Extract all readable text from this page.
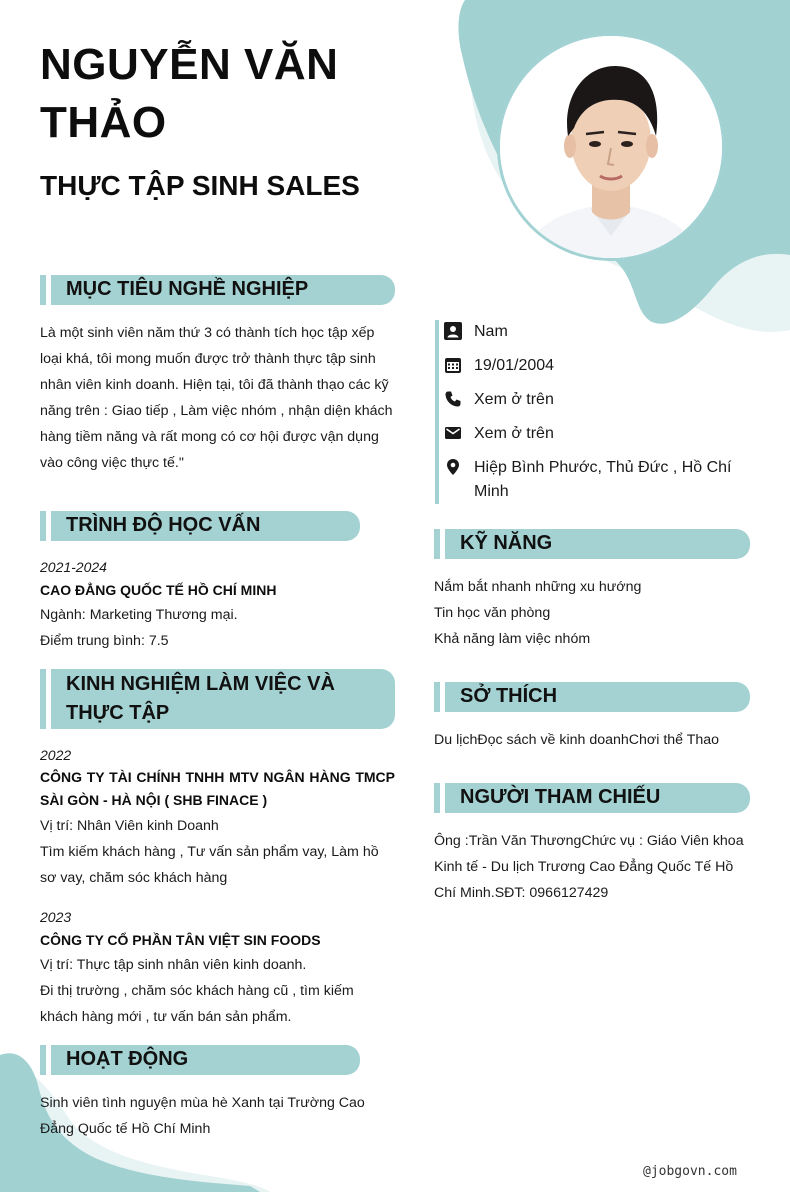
NGUYỄN VĂN THẢO
THỰC TẬP SINH SALES
MỤC TIÊU NGHỀ NGHIỆP
Là một sinh viên năm thứ 3 có thành tích học tập xếp loại khá, tôi mong muốn được trở thành thực tập sinh nhân viên kinh doanh. Hiện tại, tôi đã thành thạo các kỹ năng trên : Giao tiếp , Làm việc nhóm , nhận diện khách hàng tiềm năng và rất mong có cơ hội được vận dụng vào công việc thực tế."
TRÌNH ĐỘ HỌC VẤN
2021-2024
CAO ĐẲNG QUỐC TẾ HỒ CHÍ MINH
Ngành: Marketing Thương mại.
Điểm trung bình: 7.5
KINH NGHIỆM LÀM VIỆC VÀ THỰC TẬP
2022
CÔNG TY TÀI CHÍNH TNHH MTV NGÂN HÀNG TMCP SÀI GÒN - HÀ NỘI ( SHB FINACE )
Vị trí: Nhân Viên kinh Doanh
Tìm kiếm khách hàng , Tư vấn sản phẩm vay, Làm hồ sơ vay, chăm sóc khách hàng
2023
CÔNG TY CỔ PHẦN TÂN VIỆT SIN FOODS
Vị trí: Thực tập sinh nhân viên kinh doanh.
Đi thị trường , chăm sóc khách hàng cũ , tìm kiếm khách hàng mới , tư vấn bán sản phẩm.
HOẠT ĐỘNG
Sinh viên tình nguyện mùa hè Xanh tại Trường Cao Đẳng Quốc tế Hồ Chí Minh
Nam
19/01/2004
Xem ở trên
Xem ở trên
Hiệp Bình Phước, Thủ Đức , Hồ Chí Minh
KỸ NĂNG
Nắm bắt nhanh những xu hướng
Tin học văn phòng
Khả năng làm việc nhóm
SỞ THÍCH
Du lịchĐọc sách về kinh doanhChơi thể Thao
NGƯỜI THAM CHIẾU
Ông :Trần Văn ThươngChức vụ : Giáo Viên khoa Kinh tế - Du lịch Trương Cao Đẳng Quốc Tế Hồ Chí Minh.SĐT: 0966127429
@jobgovn.com
